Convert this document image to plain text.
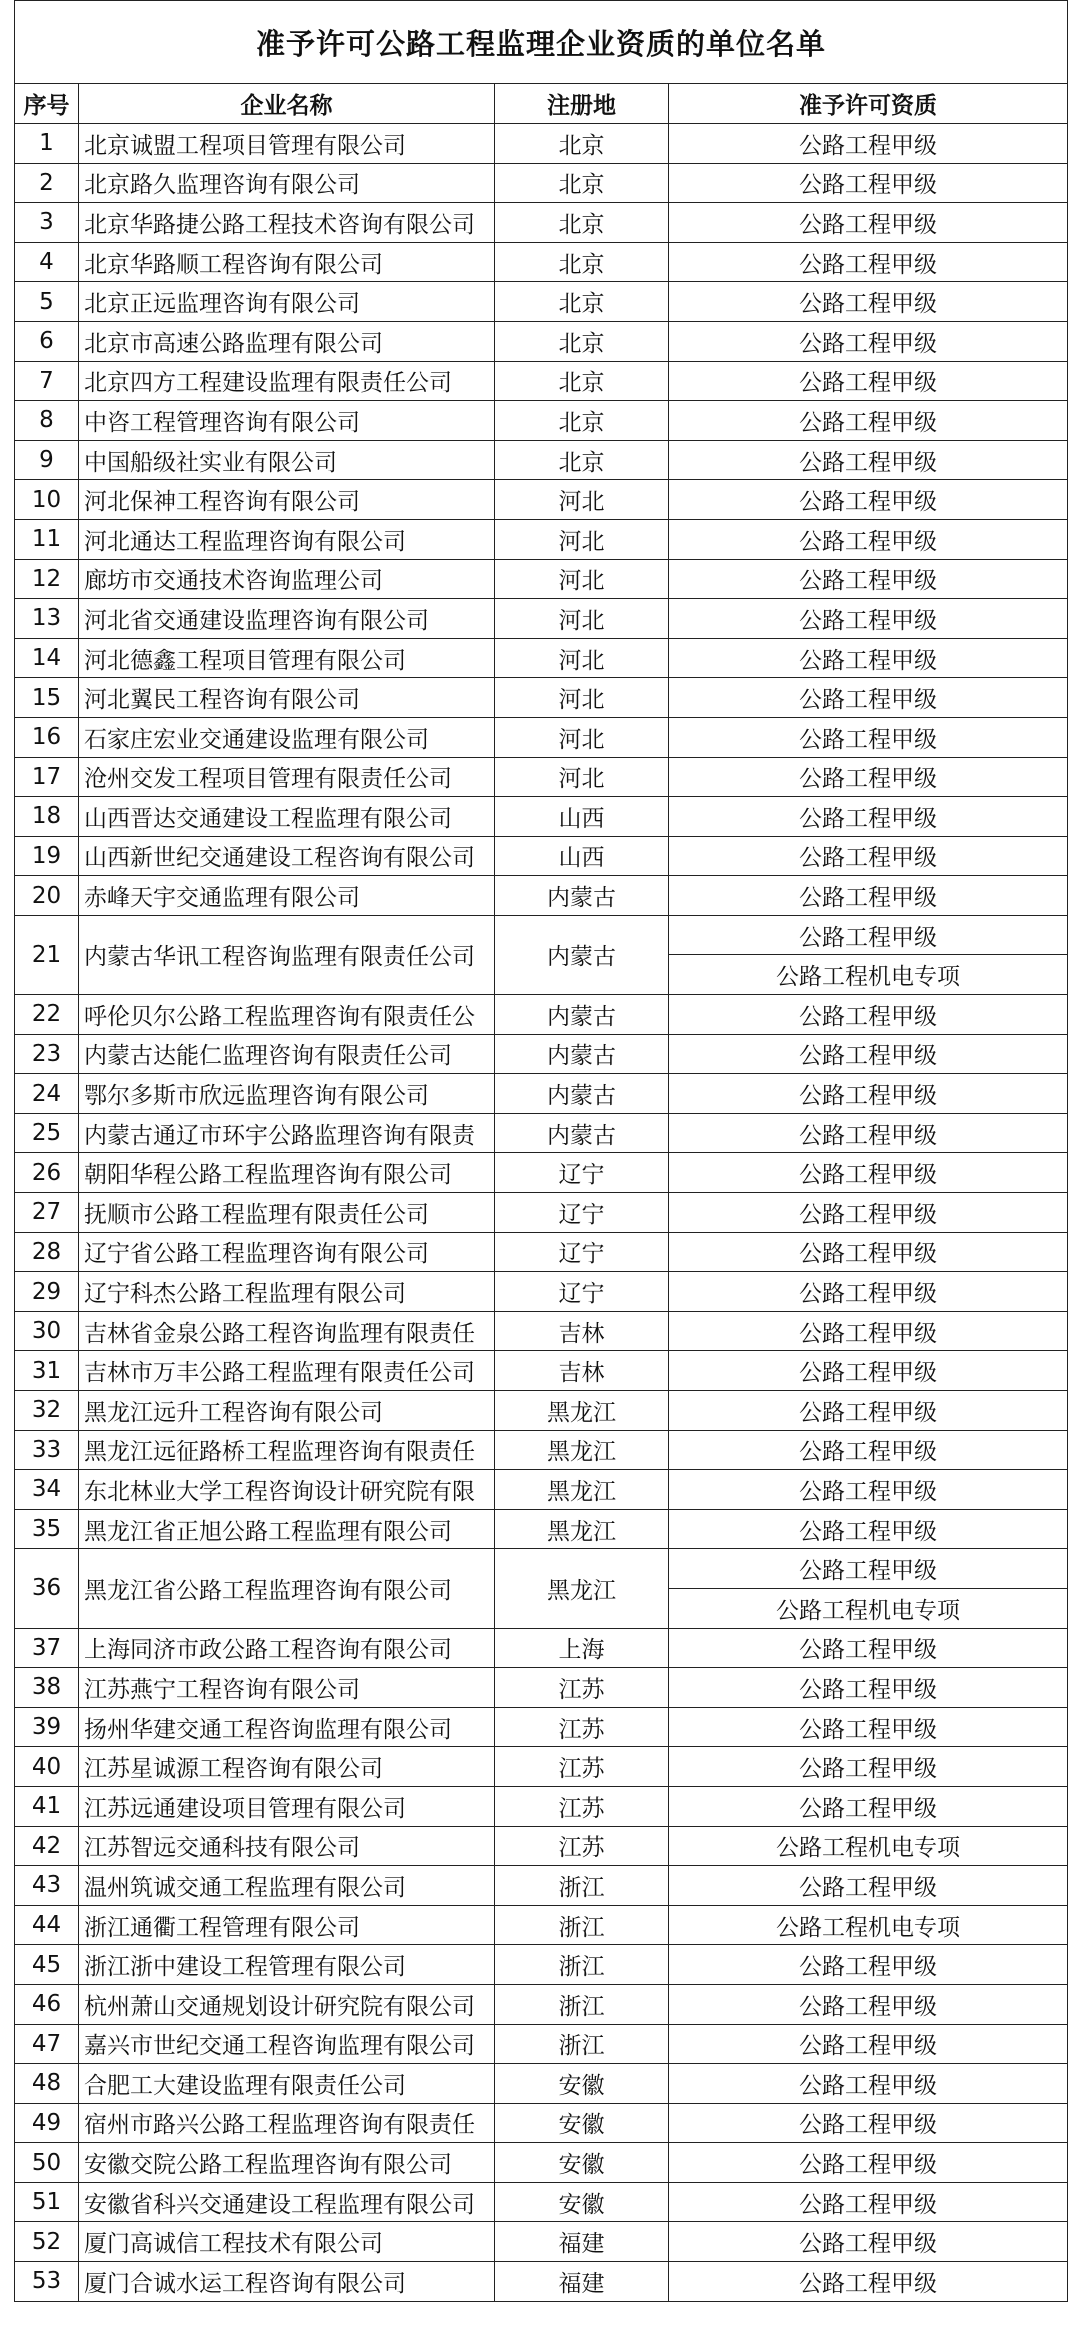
准予许可公路工程监理企业资质的单位名单			
序号	企业名称	注册地	准予许可资质
1	北京诚盟工程项目管理有限公司	北京	公路工程甲级
2	北京路久监理咨询有限公司	北京	公路工程甲级
3	北京华路捷公路工程技术咨询有限公司	北京	公路工程甲级
4	北京华路顺工程咨询有限公司	北京	公路工程甲级
5	北京正远监理咨询有限公司	北京	公路工程甲级
6	北京市高速公路监理有限公司	北京	公路工程甲级
7	北京四方工程建设监理有限责任公司	北京	公路工程甲级
8	中咨工程管理咨询有限公司	北京	公路工程甲级
9	中国船级社实业有限公司	北京	公路工程甲级
10	河北保神工程咨询有限公司	河北	公路工程甲级
11	河北通达工程监理咨询有限公司	河北	公路工程甲级
12	廊坊市交通技术咨询监理公司	河北	公路工程甲级
13	河北省交通建设监理咨询有限公司	河北	公路工程甲级
14	河北德鑫工程项目管理有限公司	河北	公路工程甲级
15	河北翼民工程咨询有限公司	河北	公路工程甲级
16	石家庄宏业交通建设监理有限公司	河北	公路工程甲级
17	沧州交发工程项目管理有限责任公司	河北	公路工程甲级
18	山西晋达交通建设工程监理有限公司	山西	公路工程甲级
19	山西新世纪交通建设工程咨询有限公司	山西	公路工程甲级
20	赤峰天宇交通监理有限公司	内蒙古	公路工程甲级
21	内蒙古华讯工程咨询监理有限责任公司	内蒙古	公路工程甲级
			公路工程机电专项
22	呼伦贝尔公路工程监理咨询有限责任公	内蒙古	公路工程甲级
23	内蒙古达能仁监理咨询有限责任公司	内蒙古	公路工程甲级
24	鄂尔多斯市欣远监理咨询有限公司	内蒙古	公路工程甲级
25	内蒙古通辽市环宇公路监理咨询有限责	内蒙古	公路工程甲级
26	朝阳华程公路工程监理咨询有限公司	辽宁	公路工程甲级
27	抚顺市公路工程监理有限责任公司	辽宁	公路工程甲级
28	辽宁省公路工程监理咨询有限公司	辽宁	公路工程甲级
29	辽宁科杰公路工程监理有限公司	辽宁	公路工程甲级
30	吉林省金泉公路工程咨询监理有限责任	吉林	公路工程甲级
31	吉林市万丰公路工程监理有限责任公司	吉林	公路工程甲级
32	黑龙江远升工程咨询有限公司	黑龙江	公路工程甲级
33	黑龙江远征路桥工程监理咨询有限责任	黑龙江	公路工程甲级
34	东北林业大学工程咨询设计研究院有限	黑龙江	公路工程甲级
35	黑龙江省正旭公路工程监理有限公司	黑龙江	公路工程甲级
36	黑龙江省公路工程监理咨询有限公司	黑龙江	公路工程甲级
			公路工程机电专项
37	上海同济市政公路工程咨询有限公司	上海	公路工程甲级
38	江苏燕宁工程咨询有限公司	江苏	公路工程甲级
39	扬州华建交通工程咨询监理有限公司	江苏	公路工程甲级
40	江苏星诚源工程咨询有限公司	江苏	公路工程甲级
41	江苏远通建设项目管理有限公司	江苏	公路工程甲级
42	江苏智远交通科技有限公司	江苏	公路工程机电专项
43	温州筑诚交通工程监理有限公司	浙江	公路工程甲级
44	浙江通衢工程管理有限公司	浙江	公路工程机电专项
45	浙江浙中建设工程管理有限公司	浙江	公路工程甲级
46	杭州萧山交通规划设计研究院有限公司	浙江	公路工程甲级
47	嘉兴市世纪交通工程咨询监理有限公司	浙江	公路工程甲级
48	合肥工大建设监理有限责任公司	安徽	公路工程甲级
49	宿州市路兴公路工程监理咨询有限责任	安徽	公路工程甲级
50	安徽交院公路工程监理咨询有限公司	安徽	公路工程甲级
51	安徽省科兴交通建设工程监理有限公司	安徽	公路工程甲级
52	厦门高诚信工程技术有限公司	福建	公路工程甲级
53	厦门合诚水运工程咨询有限公司	福建	公路工程甲级
